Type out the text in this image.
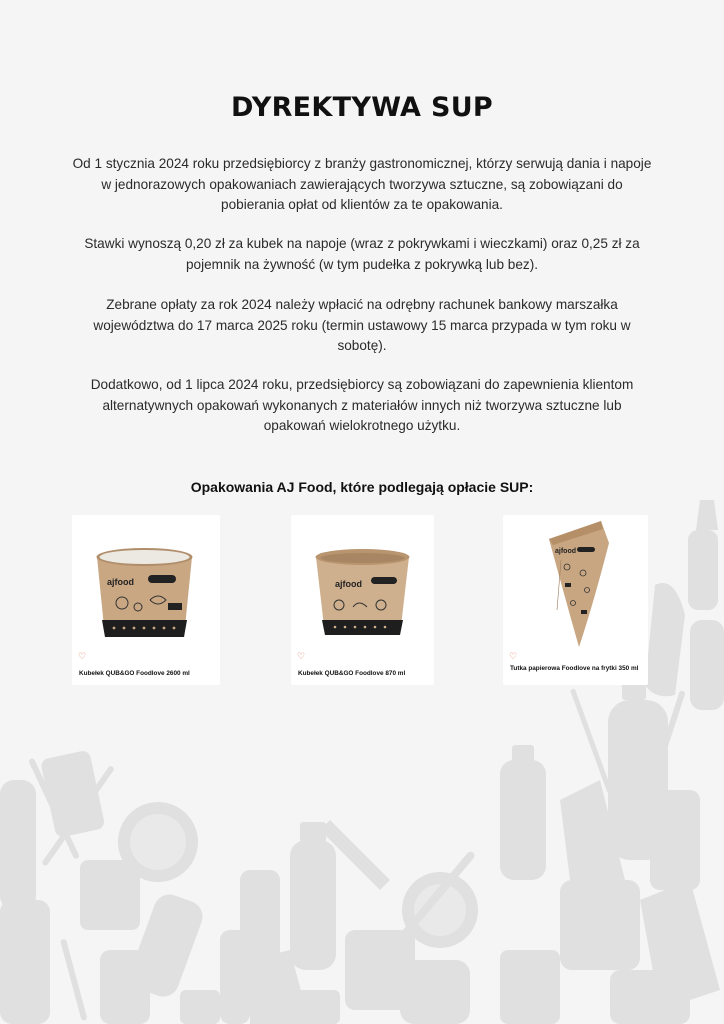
DYREKTYWA SUP

Od 1 stycznia 2024 roku przedsiębiorcy z branży gastronomicznej, którzy serwują dania i napoje w jednorazowych opakowaniach zawierających tworzywa sztuczne, są zobowiązani do pobierania opłat od klientów za te opakowania.

Stawki wynoszą 0,20 zł za kubek na napoje (wraz z pokrywkami i wieczkami) oraz 0,25 zł za pojemnik na żywność (w tym pudełka z pokrywką lub bez).

Zebrane opłaty za rok 2024 należy wpłacić na odrębny rachunek bankowy marszałka województwa do 17 marca 2025 roku (termin ustawowy 15 marca przypada w tym roku w sobotę).

Dodatkowo, od 1 lipca 2024 roku, przedsiębiorcy są zobowiązani do zapewnienia klientom alternatywnych opakowań wykonanych z materiałów innych niż tworzywa sztuczne lub opakowań wielokrotnego użytku.

Opakowania AJ Food, które podlegają opłacie SUP:

ajfood
♡
Kubełek QUB&GO Foodlove 2600 ml
ajfood
♡
Kubełek QUB&GO Foodlove 870 ml
ajfood
♡
Tutka papierowa Foodlove na frytki 350 ml
